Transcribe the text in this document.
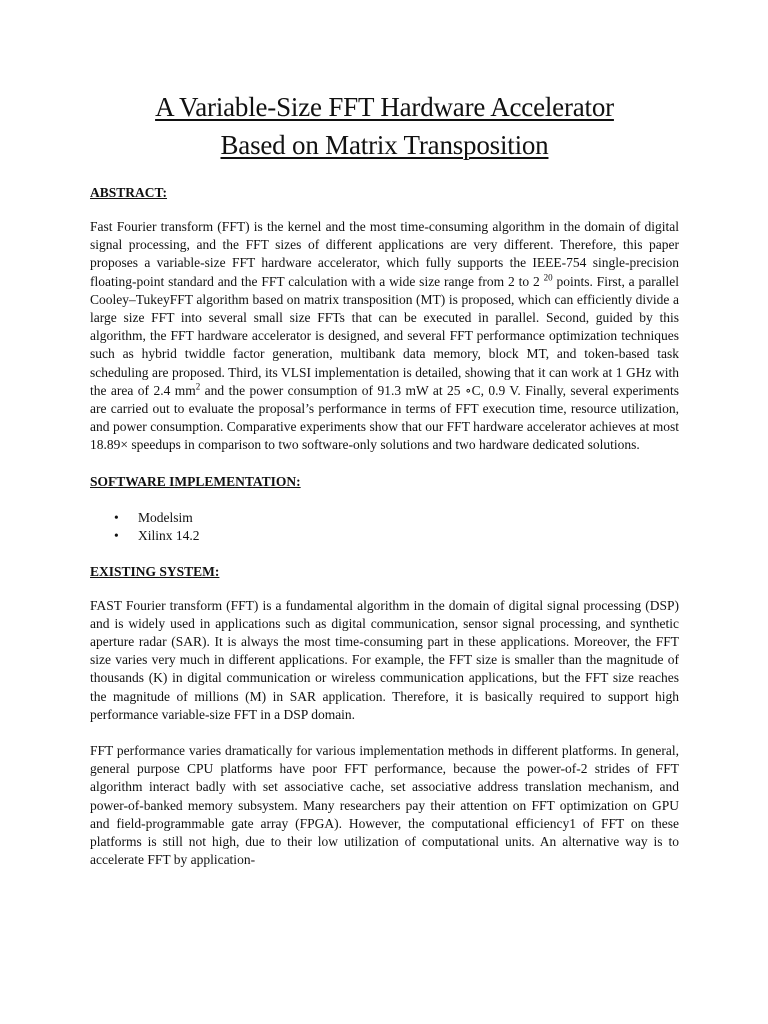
A Variable-Size FFT Hardware Accelerator
Based on Matrix Transposition

ABSTRACT:

Fast Fourier transform (FFT) is the kernel and the most time-consuming algorithm in the domain of digital signal processing, and the FFT sizes of different applications are very different. Therefore, this paper proposes a variable-size FFT hardware accelerator, which fully supports the IEEE-754 single-precision floating-point standard and the FFT calculation with a wide size range from 2 to 2 $^{20}$ points. First, a parallel Cooley–TukeyFFT algorithm based on matrix transposition (MT) is proposed, which can efficiently divide a large size FFT into several small size FFTs that can be executed in parallel. Second, guided by this algorithm, the FFT hardware accelerator is designed, and several FFT performance optimization techniques such as hybrid twiddle factor generation, multibank data memory, block MT, and token-based task scheduling are proposed. Third, its VLSI implementation is detailed, showing that it can work at 1 GHz with the area of 2.4 $mm^2$ and the power consumption of 91.3 mW at 25 ∘C, 0.9 V. Finally, several experiments are carried out to evaluate the proposal’s performance in terms of FFT execution time, resource utilization, and power consumption. Comparative experiments show that our FFT hardware accelerator achieves at most 18.89× speedups in comparison to two software-only solutions and two hardware dedicated solutions.

SOFTWARE IMPLEMENTATION:

• Modelsim
• Xilinx 14.2

EXISTING SYSTEM:

FAST Fourier transform (FFT) is a fundamental algorithm in the domain of digital signal processing (DSP) and is widely used in applications such as digital communication, sensor signal processing, and synthetic aperture radar (SAR). It is always the most time-consuming part in these applications. Moreover, the FFT size varies very much in different applications. For example, the FFT size is smaller than the magnitude of thousands (K) in digital communication or wireless communication applications, but the FFT size reaches the magnitude of millions (M) in SAR application. Therefore, it is basically required to support high performance variable-size FFT in a DSP domain.

FFT performance varies dramatically for various implementation methods in different platforms. In general, general purpose CPU platforms have poor FFT performance, because the power-of-2 strides of FFT algorithm interact badly with set associative cache, set associative address translation mechanism, and power-of-banked memory subsystem. Many researchers pay their attention on FFT optimization on GPU and field-programmable gate array (FPGA). However, the computational efficiency1 of FFT on these platforms is still not high, due to their low utilization of computational units. An alternative way is to accelerate FFT by application-
